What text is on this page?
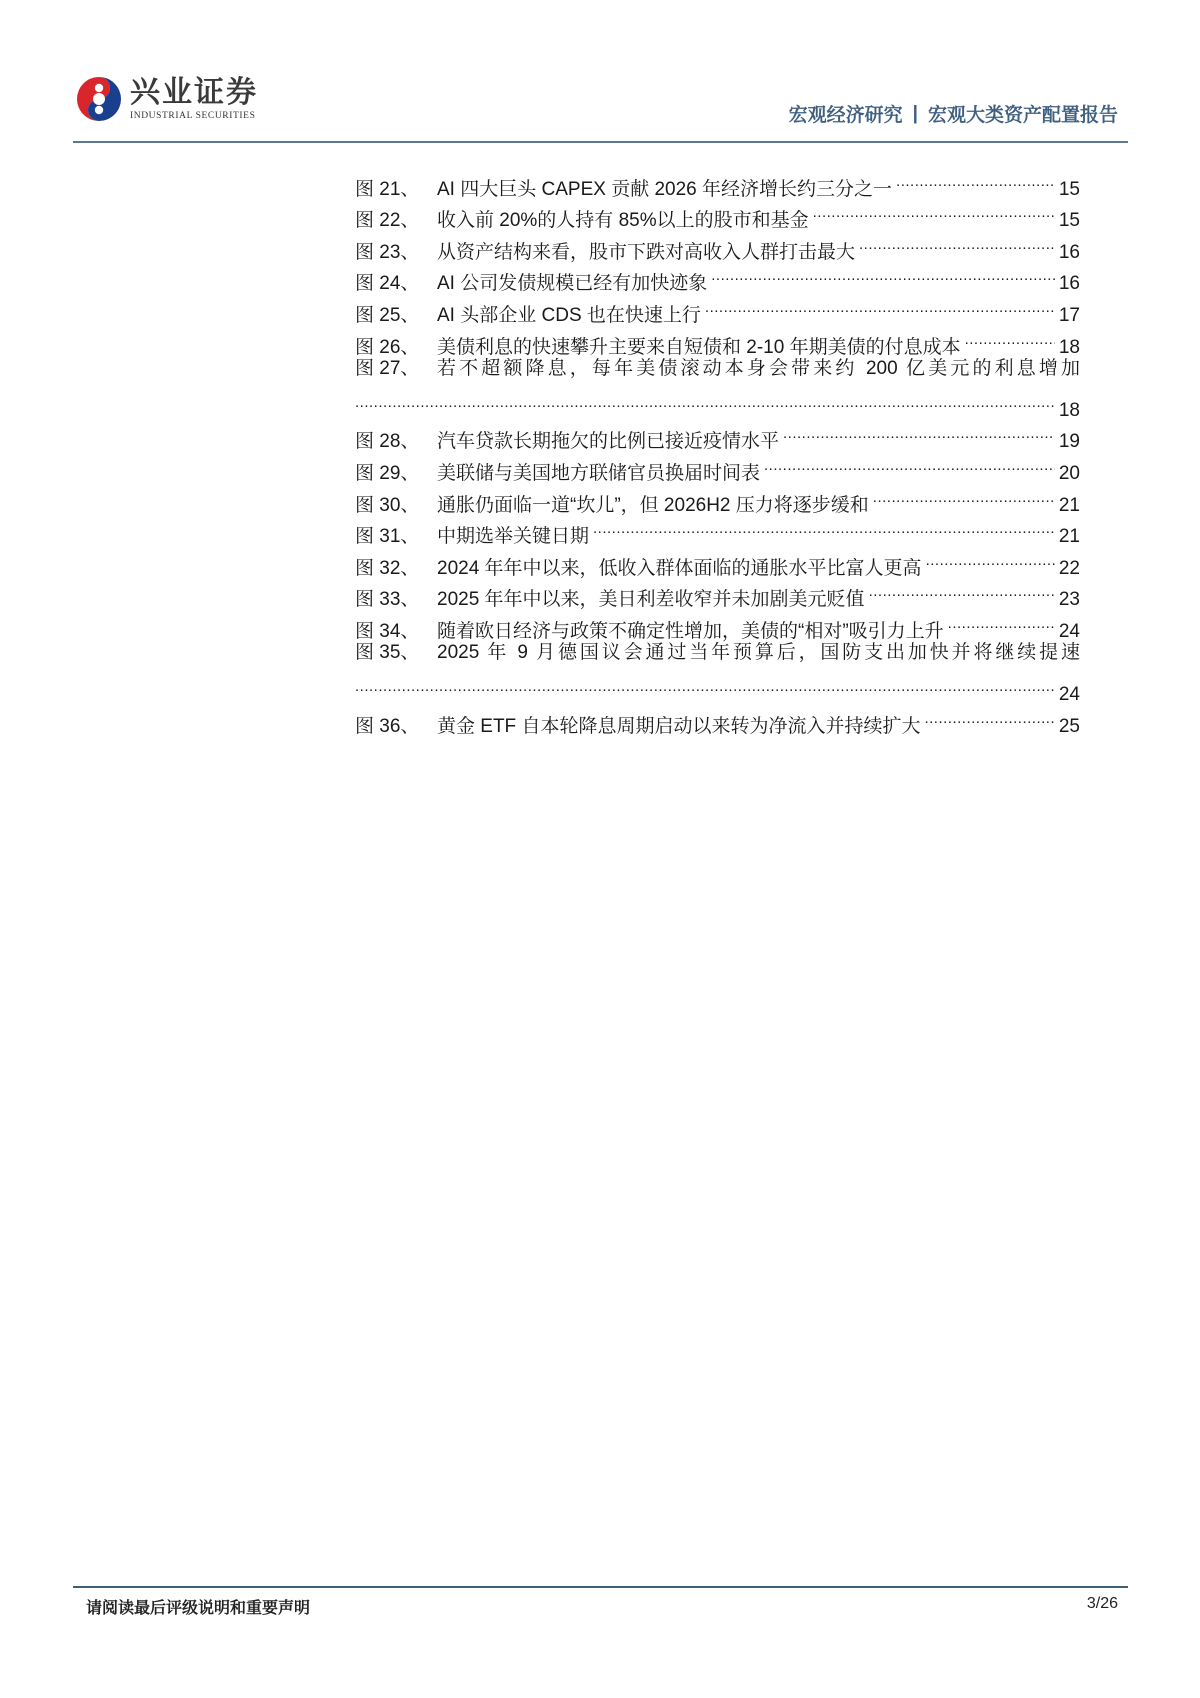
兴业证券
INDUSTRIAL SECURITIES	宏观经济研究 | 宏观大类资产配置报告
图 21、 AI 四大巨头 CAPEX 贡献 2026 年经济增长约三分之一 .....	15
图 22、 收入前 20%的人持有 85%以上的股市和基金 .....	15
图 23、 从资产结构来看，股市下跌对高收入人群打击最大 .....	16
图 24、 AI 公司发债规模已经有加快迹象 .....	16
图 25、 AI 头部企业 CDS 也在快速上行 .....	17
图 26、 美债利息的快速攀升主要来自短债和 2-10 年期美债的付息成本 .....	18
图 27、 若不超额降息，每年美债滚动本身会带来约 200 亿美元的利息增加
.....
18
图 28、 汽车贷款长期拖欠的比例已接近疫情水平 .....	19
图 29、 美联储与美国地方联储官员换届时间表 .....	20
图 30、 通胀仍面临一道“坎儿”，但 2026H2 压力将逐步缓和 .....	21
图 31、 中期选举关键日期 .....	21
图 32、 2024 年年中以来，低收入群体面临的通胀水平比富人更高 .....	22
图 33、 2025 年年中以来，美日利差收窄并未加剧美元贬值 .....	23
图 34、 随着欧日经济与政策不确定性增加，美债的“相对”吸引力上升 .....	24
图 35、 2025 年 9 月德国议会通过当年预算后，国防支出加快并将继续提速
.....
24
图 36、 黄金 ETF 自本轮降息周期启动以来转为净流入并持续扩大 .....	25
请阅读最后评级说明和重要声明	3/26
